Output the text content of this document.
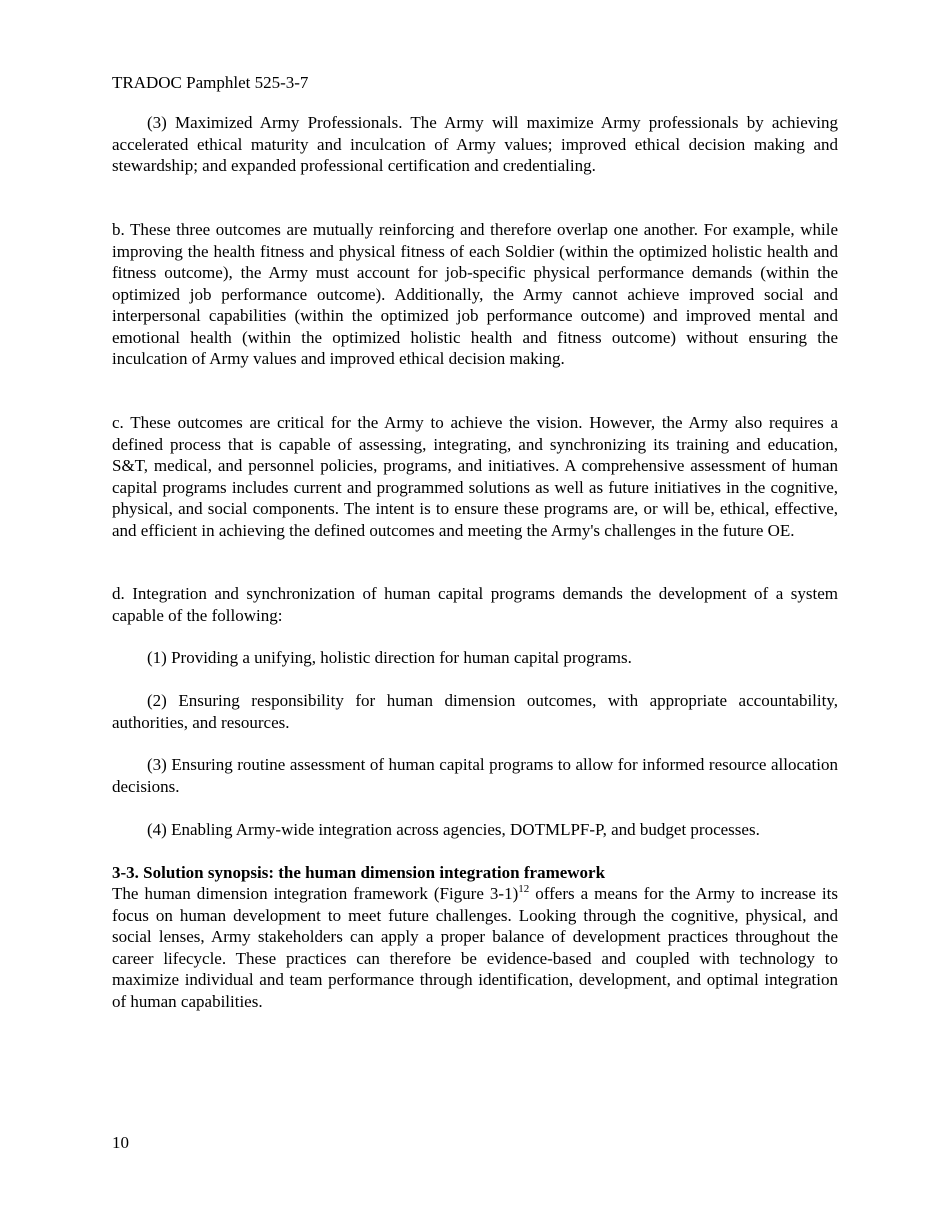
TRADOC Pamphlet 525-3-7

(3) Maximized Army Professionals. The Army will maximize Army professionals by achieving accelerated ethical maturity and inculcation of Army values; improved ethical decision making and stewardship; and expanded professional certification and credentialing.

b. These three outcomes are mutually reinforcing and therefore overlap one another. For example, while improving the health fitness and physical fitness of each Soldier (within the optimized holistic health and fitness outcome), the Army must account for job-specific physical performance demands (within the optimized job performance outcome). Additionally, the Army cannot achieve improved social and interpersonal capabilities (within the optimized job performance outcome) and improved mental and emotional health (within the optimized holistic health and fitness outcome) without ensuring the inculcation of Army values and improved ethical decision making.

c. These outcomes are critical for the Army to achieve the vision. However, the Army also requires a defined process that is capable of assessing, integrating, and synchronizing its training and education, S&T, medical, and personnel policies, programs, and initiatives. A comprehensive assessment of human capital programs includes current and programmed solutions as well as future initiatives in the cognitive, physical, and social components. The intent is to ensure these programs are, or will be, ethical, effective, and efficient in achieving the defined outcomes and meeting the Army's challenges in the future OE.

d. Integration and synchronization of human capital programs demands the development of a system capable of the following:

(1) Providing a unifying, holistic direction for human capital programs.

(2) Ensuring responsibility for human dimension outcomes, with appropriate accountability, authorities, and resources.

(3) Ensuring routine assessment of human capital programs to allow for informed resource allocation decisions.

(4) Enabling Army-wide integration across agencies, DOTMLPF-P, and budget processes.

3-3. Solution synopsis: the human dimension integration framework

The human dimension integration framework (Figure 3-1)$^{12}$ offers a means for the Army to increase its focus on human development to meet future challenges. Looking through the cognitive, physical, and social lenses, Army stakeholders can apply a proper balance of development practices throughout the career lifecycle. These practices can therefore be evidence-based and coupled with technology to maximize individual and team performance through identification, development, and optimal integration of human capabilities.

10
